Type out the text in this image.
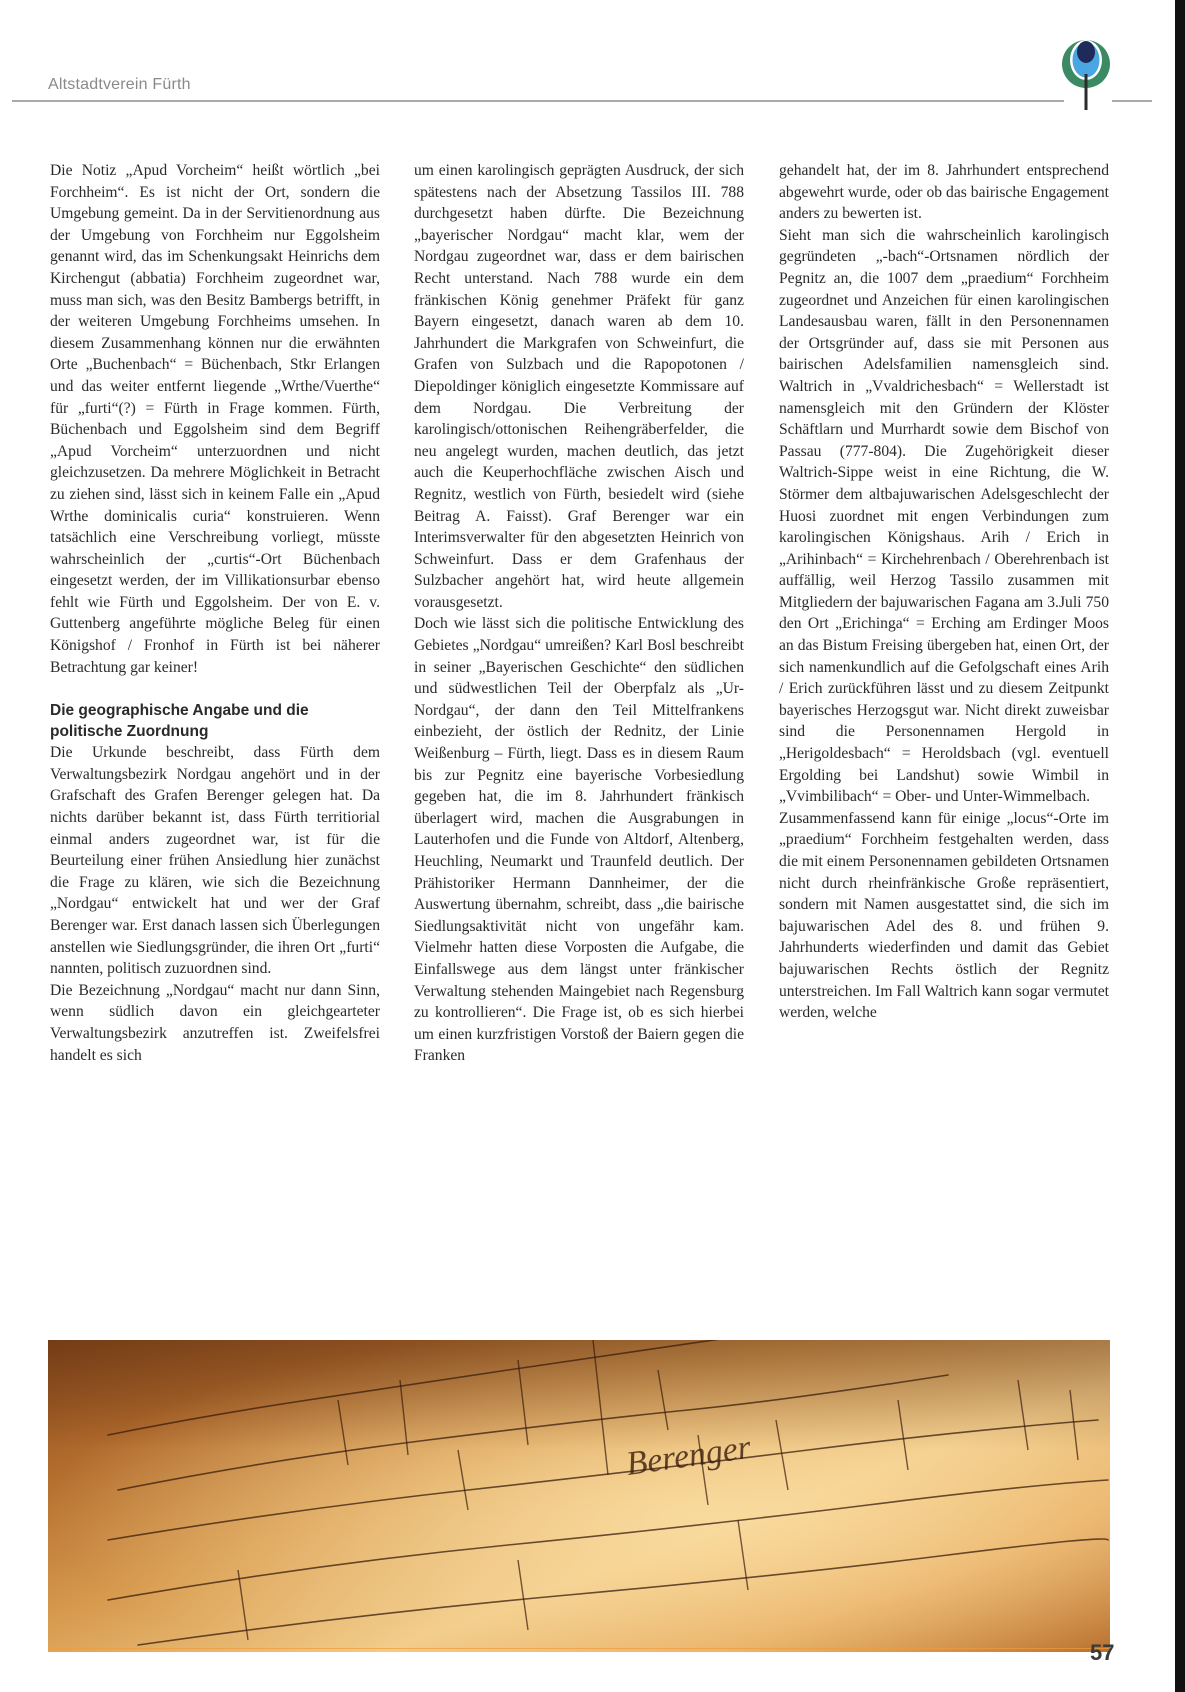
Altstadtverein Fürth

Die Notiz „Apud Vorcheim“ heißt wörtlich „bei Forchheim“. Es ist nicht der Ort, sondern die Umgebung gemeint. Da in der Servitienordnung aus der Umgebung von Forchheim nur Eggolsheim genannt wird, das im Schenkungsakt Heinrichs dem Kirchengut (abbatia) Forchheim zugeordnet war, muss man sich, was den Besitz Bambergs betrifft, in der weiteren Umgebung Forchheims umsehen. In diesem Zusammenhang können nur die erwähnten Orte „Buchenbach“ = Büchenbach, Stkr Erlangen und das weiter entfernt liegende „Wrthe/Vuerthe“ für „furti“(?) = Fürth in Frage kommen. Fürth, Büchenbach und Eggolsheim sind dem Begriff „Apud Vorcheim“ unterzuordnen und nicht gleichzusetzen. Da mehrere Möglichkeit in Betracht zu ziehen sind, lässt sich in keinem Falle ein „Apud Wrthe dominicalis curia“ konstruieren. Wenn tatsächlich eine Verschreibung vorliegt, müsste wahrscheinlich der „curtis“-Ort Büchenbach eingesetzt werden, der im Villikationsurbar ebenso fehlt wie Fürth und Eggolsheim. Der von E. v. Guttenberg angeführte mögliche Beleg für einen Königshof / Fronhof in Fürth ist bei näherer Betrachtung gar keiner!

Die geographische Angabe und die politische Zuordnung

Die Urkunde beschreibt, dass Fürth dem Verwaltungsbezirk Nordgau angehört und in der Grafschaft des Grafen Berenger gelegen hat. Da nichts darüber bekannt ist, dass Fürth territiorial einmal anders zugeordnet war, ist für die Beurteilung einer frühen Ansiedlung hier zunächst die Frage zu klären, wie sich die Bezeichnung „Nordgau“ entwickelt hat und wer der Graf Berenger war. Erst danach lassen sich Überlegungen anstellen wie Siedlungsgründer, die ihren Ort „furti“ nannten, politisch zuzuordnen sind.

Die Bezeichnung „Nordgau“ macht nur dann Sinn, wenn südlich davon ein gleichgearteter Verwaltungsbezirk anzutreffen ist. Zweifelsfrei handelt es sich

um einen karolingisch geprägten Ausdruck, der sich spätestens nach der Absetzung Tassilos III. 788 durchgesetzt haben dürfte. Die Bezeichnung „bayerischer Nordgau“ macht klar, wem der Nordgau zugeordnet war, dass er dem bairischen Recht unterstand. Nach 788 wurde ein dem fränkischen König genehmer Präfekt für ganz Bayern eingesetzt, danach waren ab dem 10. Jahrhundert die Markgrafen von Schweinfurt, die Grafen von Sulzbach und die Rapopotonen / Diepoldinger königlich eingesetzte Kommissare auf dem Nordgau. Die Verbreitung der karolingisch/ottonischen Reihengräberfelder, die neu angelegt wurden, machen deutlich, das jetzt auch die Keuperhochfläche zwischen Aisch und Regnitz, westlich von Fürth, besiedelt wird (siehe Beitrag A. Faisst). Graf Berenger war ein Interimsverwalter für den abgesetzten Heinrich von Schweinfurt. Dass er dem Grafenhaus der Sulzbacher angehört hat, wird heute allgemein vorausgesetzt.

Doch wie lässt sich die politische Entwicklung des Gebietes „Nordgau“ umreißen? Karl Bosl beschreibt in seiner „Bayerischen Geschichte“ den südlichen und südwestlichen Teil der Oberpfalz als „Ur-Nordgau“, der dann den Teil Mittelfrankens einbezieht, der östlich der Rednitz, der Linie Weißenburg – Fürth, liegt. Dass es in diesem Raum bis zur Pegnitz eine bayerische Vorbesiedlung gegeben hat, die im 8. Jahrhundert fränkisch überlagert wird, machen die Ausgrabungen in Lauterhofen und die Funde von Altdorf, Altenberg, Heuchling, Neumarkt und Traunfeld deutlich. Der Prähistoriker Hermann Dannheimer, der die Auswertung übernahm, schreibt, dass „die bairische Siedlungsaktivität nicht von ungefähr kam. Vielmehr hatten diese Vorposten die Aufgabe, die Einfallswege aus dem längst unter fränkischer Verwaltung stehenden Maingebiet nach Regensburg zu kontrollieren“. Die Frage ist, ob es sich hierbei um einen kurzfristigen Vorstoß der Baiern gegen die Franken

gehandelt hat, der im 8. Jahrhundert entsprechend abgewehrt wurde, oder ob das bairische Engagement anders zu bewerten ist.

Sieht man sich die wahrscheinlich karolingisch gegründeten „-bach“-Ortsnamen nördlich der Pegnitz an, die 1007 dem „praedium“ Forchheim zugeordnet und Anzeichen für einen karolingischen Landesausbau waren, fällt in den Personennamen der Ortsgründer auf, dass sie mit Personen aus bairischen Adelsfamilien namensgleich sind. Waltrich in „Vvaldrichesbach“ = Wellerstadt ist namensgleich mit den Gründern der Klöster Schäftlarn und Murrhardt sowie dem Bischof von Passau (777-804). Die Zugehörigkeit dieser Waltrich-Sippe weist in eine Richtung, die W. Störmer dem altbajuwarischen Adelsgeschlecht der Huosi zuordnet mit engen Verbindungen zum karolingischen Königshaus. Arih / Erich in „Arihinbach“ = Kirchehrenbach / Oberehrenbach ist auffällig, weil Herzog Tassilo zusammen mit Mitgliedern der bajuwarischen Fagana am 3.Juli 750 den Ort „Erichinga“ = Erching am Erdinger Moos an das Bistum Freising übergeben hat, einen Ort, der sich namenkundlich auf die Gefolgschaft eines Arih / Erich zurückführen lässt und zu diesem Zeitpunkt bayerisches Herzogsgut war. Nicht direkt zuweisbar sind die Personennamen Hergold in „Herigoldesbach“ = Heroldsbach (vgl. eventuell Ergolding bei Landshut) sowie Wimbil in „Vvimbilibach“ = Ober- und Unter-Wimmelbach.

Zusammenfassend kann für einige „locus“-Orte im „praedium“ Forchheim festgehalten werden, dass die mit einem Personennamen gebildeten Ortsnamen nicht durch rheinfränkische Große repräsentiert, sondern mit Namen ausgestattet sind, die sich im bajuwarischen Adel des 8. und frühen 9. Jahrhunderts wiederfinden und damit das Gebiet bajuwarischen Rechts östlich der Regnitz unterstreichen. Im Fall Waltrich kann sogar vermutet werden, welche

Berenger
57
